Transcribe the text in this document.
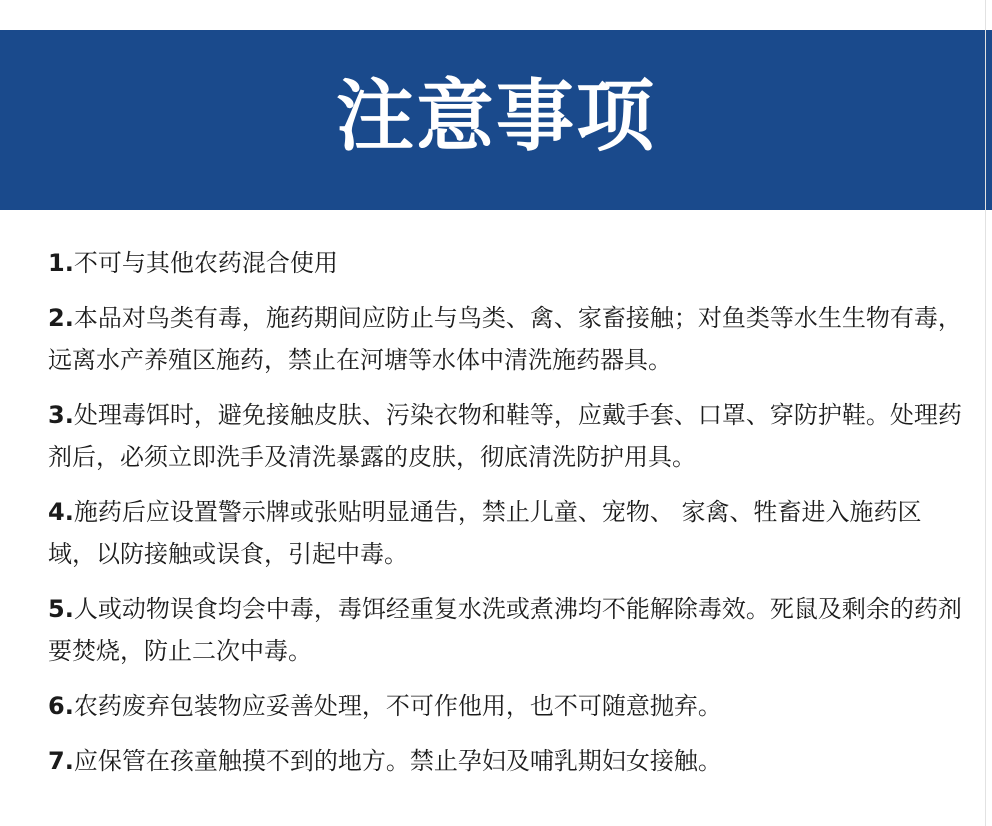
注意事项

1.不可与其他农药混合使用

2.本品对鸟类有毒，施药期间应防止与鸟类、禽、家畜接触；对鱼类等水生生物有毒，远离水产养殖区施药，禁止在河塘等水体中清洗施药器具。

3.处理毒饵时，避免接触皮肤、污染衣物和鞋等，应戴手套、口罩、穿防护鞋。处理药剂后，必须立即洗手及清洗暴露的皮肤，彻底清洗防护用具。

4.施药后应设置警示牌或张贴明显通告，禁止儿童、宠物、 家禽、牲畜进入施药区域，以防接触或误食，引起中毒。

5.人或动物误食均会中毒，毒饵经重复水洗或煮沸均不能解除毒效。死鼠及剩余的药剂要焚烧，防止二次中毒。

6.农药废弃包装物应妥善处理，不可作他用，也不可随意抛弃。

7.应保管在孩童触摸不到的地方。禁止孕妇及哺乳期妇女接触。
